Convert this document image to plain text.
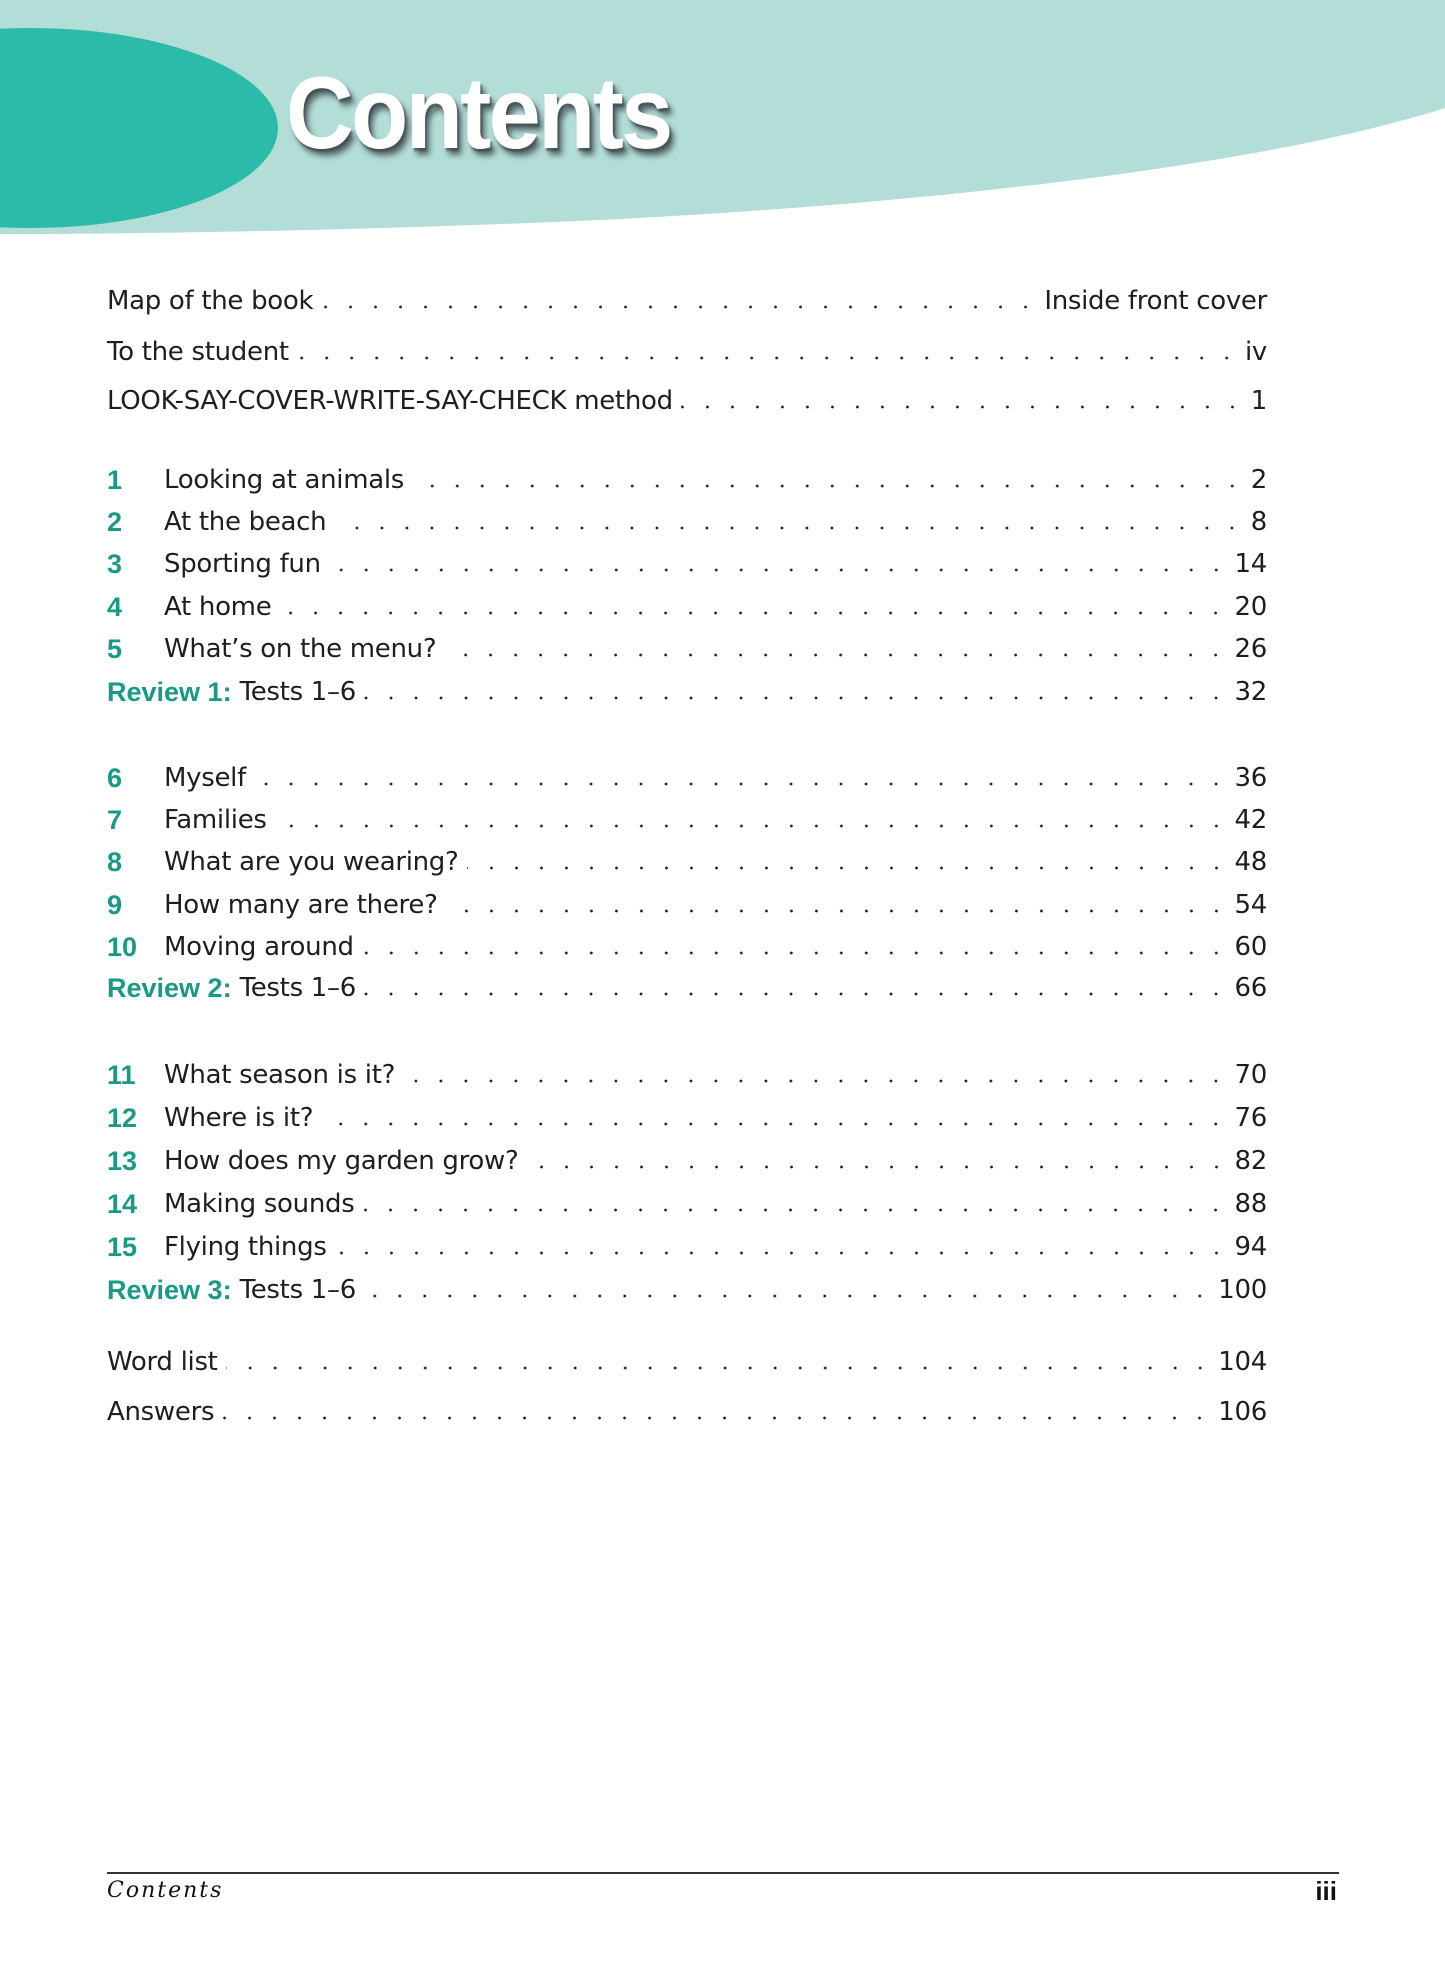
Contents
Map of the book	Inside front cover
To the student	iv
LOOK-SAY-COVER-WRITE-SAY-CHECK method	1
1	Looking at animals	2
2	At the beach	8
3	Sporting fun	14
4	At home	20
5	What’s on the menu?	26
Review 1: Tests 1–6	32
6	Myself	36
7	Families	42
8	What are you wearing?	48
9	How many are there?	54
10	Moving around	60
Review 2: Tests 1–6	66
11	What season is it?	70
12	Where is it?	76
13	How does my garden grow?	82
14	Making sounds	88
15	Flying things	94
Review 3: Tests 1–6	100
Word list	104
Answers	106
Contents	iii
